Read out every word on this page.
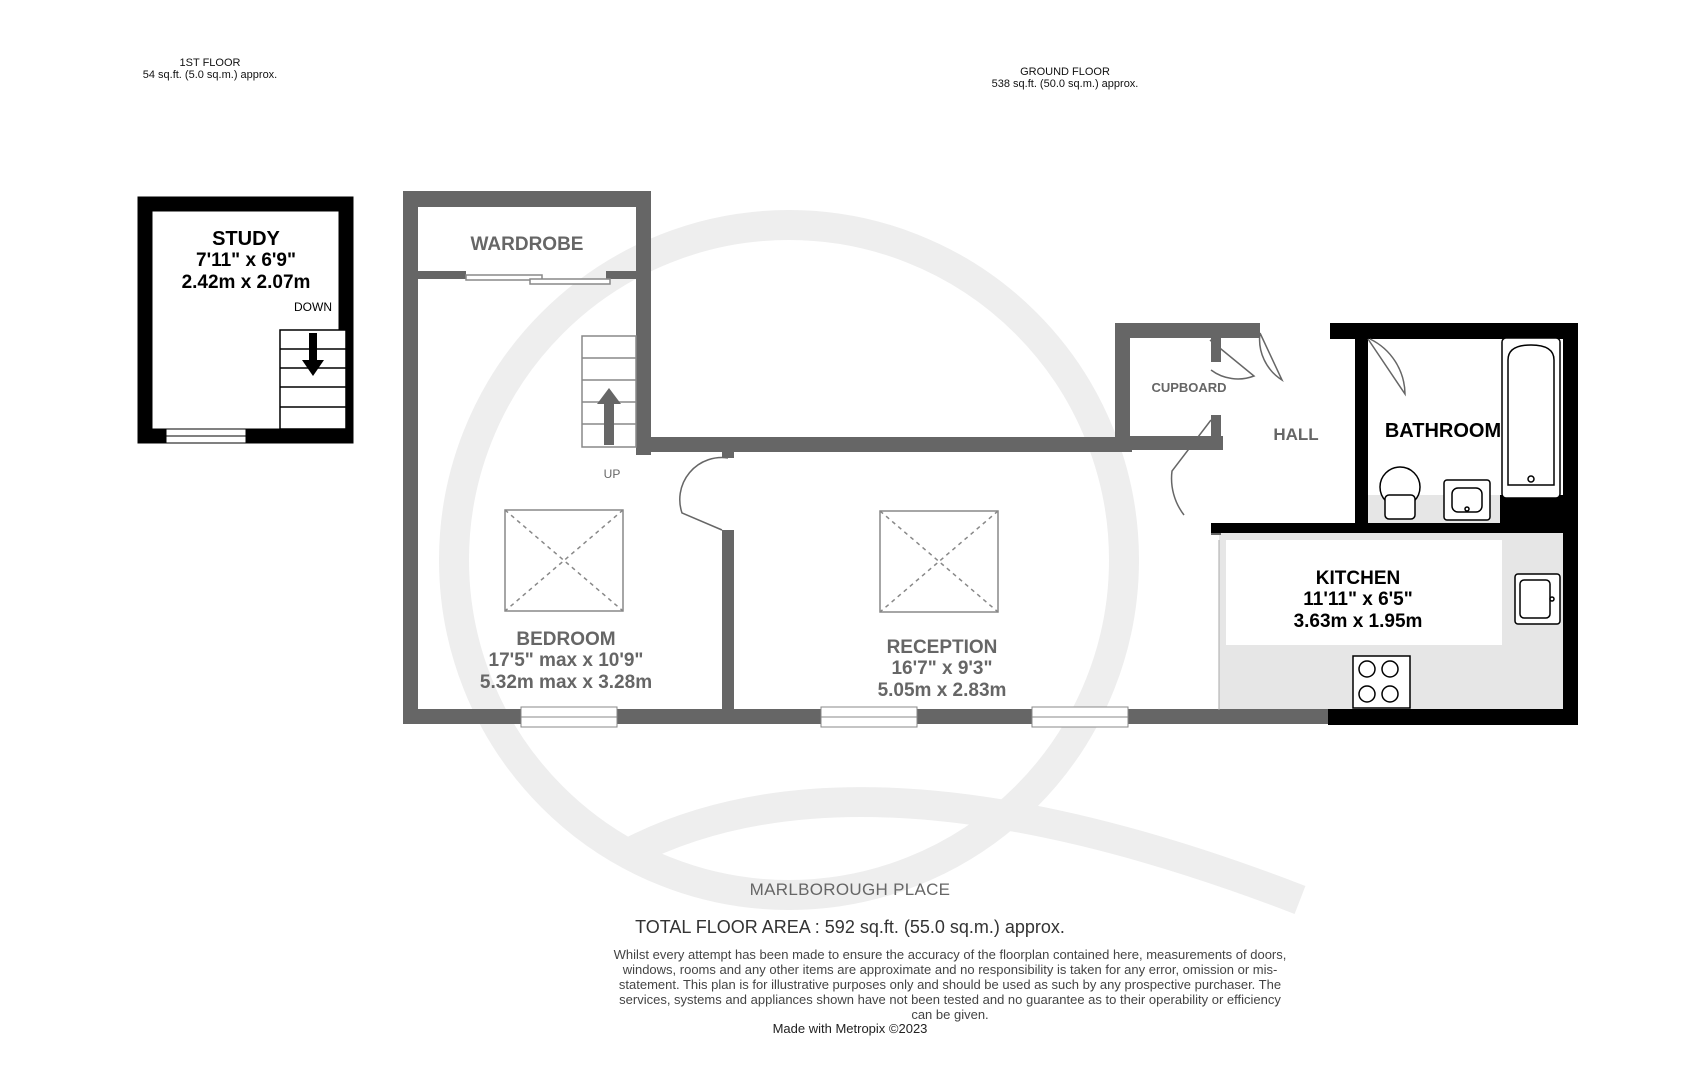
STUDY
7'11" x 6'9"
2.42m x 2.07m
DOWN
WARDROBE
BEDROOM
17'5" max x 10'9"
5.32m max x 3.28m
UP
RECEPTION
16'7" x 9'3"
5.05m x 2.83m
CUPBOARD
HALL	BATHROOM
KITCHEN
11'11" x 6'5"
3.63m x 1.95m
1ST FLOOR
54 sq.ft. (5.0 sq.m.) approx.	GROUND FLOOR
538 sq.ft. (50.0 sq.m.) approx.
MARLBOROUGH PLACE
TOTAL FLOOR AREA : 592 sq.ft. (55.0 sq.m.) approx.
Whilst every attempt has been made to ensure the accuracy of the floorplan contained here, measurements of doors, windows, rooms and any other items are approximate and no responsibility is taken for any error, omission or mis-statement. This plan is for illustrative purposes only and should be used as such by any prospective purchaser. The services, systems and appliances shown have not been tested and no guarantee as to their operability or efficiency can be given.
Made with Metropix ©2023
